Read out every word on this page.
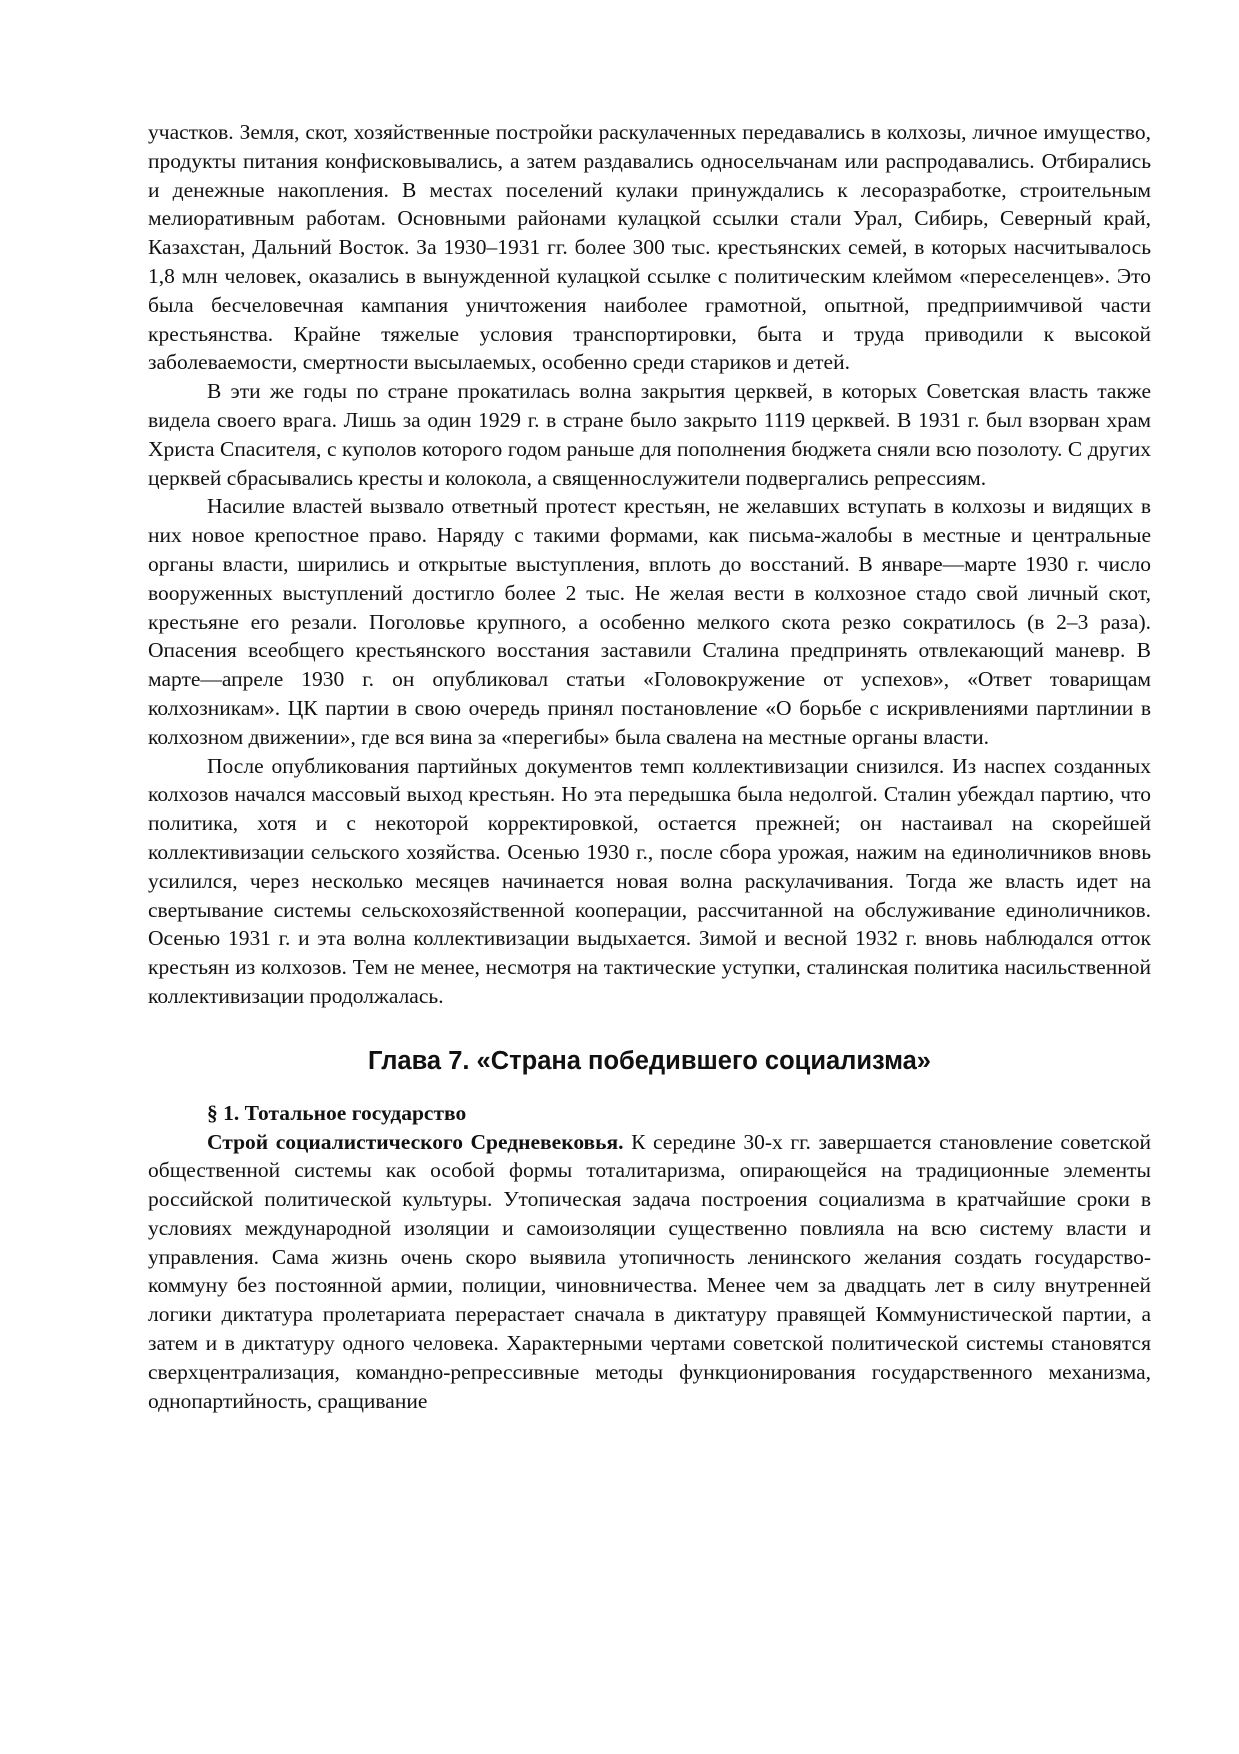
участков. Земля, скот, хозяйственные постройки раскулаченных передавались в колхозы, личное имущество, продукты питания конфисковывались, а затем раздавались односельчанам или распродавались. Отбирались и денежные накопления. В местах поселений кулаки принуждались к лесоразработке, строительным мелиоративным работам. Основными районами кулацкой ссылки стали Урал, Сибирь, Северный край, Казахстан, Дальний Восток. За 1930–1931 гг. более 300 тыс. крестьянских семей, в которых насчитывалось 1,8 млн человек, оказались в вынужденной кулацкой ссылке с политическим клеймом «переселенцев». Это была бесчеловечная кампания уничтожения наиболее грамотной, опытной, предприимчивой части крестьянства. Крайне тяжелые условия транспортировки, быта и труда приводили к высокой заболеваемости, смертности высылаемых, особенно среди стариков и детей.

В эти же годы по стране прокатилась волна закрытия церквей, в которых Советская власть также видела своего врага. Лишь за один 1929 г. в стране было закрыто 1119 церквей. В 1931 г. был взорван храм Христа Спасителя, с куполов которого годом раньше для пополнения бюджета сняли всю позолоту. С других церквей сбрасывались кресты и колокола, а священнослужители подвергались репрессиям.

Насилие властей вызвало ответный протест крестьян, не желавших вступать в колхозы и видящих в них новое крепостное право. Наряду с такими формами, как письма-жалобы в местные и центральные органы власти, ширились и открытые выступления, вплоть до восстаний. В январе—марте 1930 г. число вооруженных выступлений достигло более 2 тыс. Не желая вести в колхозное стадо свой личный скот, крестьяне его резали. Поголовье крупного, а особенно мелкого скота резко сократилось (в 2–3 раза). Опасения всеобщего крестьянского восстания заставили Сталина предпринять отвлекающий маневр. В марте—апреле 1930 г. он опубликовал статьи «Головокружение от успехов», «Ответ товарищам колхозникам». ЦК партии в свою очередь принял постановление «О борьбе с искривлениями партлинии в колхозном движении», где вся вина за «перегибы» была свалена на местные органы власти.

После опубликования партийных документов темп коллективизации снизился. Из наспех созданных колхозов начался массовый выход крестьян. Но эта передышка была недолгой. Сталин убеждал партию, что политика, хотя и с некоторой корректировкой, остается прежней; он настаивал на скорейшей коллективизации сельского хозяйства. Осенью 1930 г., после сбора урожая, нажим на единоличников вновь усилился, через несколько месяцев начинается новая волна раскулачивания. Тогда же власть идет на свертывание системы сельскохозяйственной кооперации, рассчитанной на обслуживание единоличников. Осенью 1931 г. и эта волна коллективизации выдыхается. Зимой и весной 1932 г. вновь наблюдался отток крестьян из колхозов. Тем не менее, несмотря на тактические уступки, сталинская политика насильственной коллективизации продолжалась.

Глава 7. «Страна победившего социализма»

§ 1. Тотальное государство

Строй социалистического Средневековья. К середине 30-х гг. завершается становление советской общественной системы как особой формы тоталитаризма, опирающейся на традиционные элементы российской политической культуры. Утопическая задача построения социализма в кратчайшие сроки в условиях международной изоляции и самоизоляции существенно повлияла на всю систему власти и управления. Сама жизнь очень скоро выявила утопичность ленинского желания создать государство-коммуну без постоянной армии, полиции, чиновничества. Менее чем за двадцать лет в силу внутренней логики диктатура пролетариата перерастает сначала в диктатуру правящей Коммунистической партии, а затем и в диктатуру одного человека. Характерными чертами советской политической системы становятся сверхцентрализация, командно-репрессивные методы функционирования государственного механизма, однопартийность, сращивание
